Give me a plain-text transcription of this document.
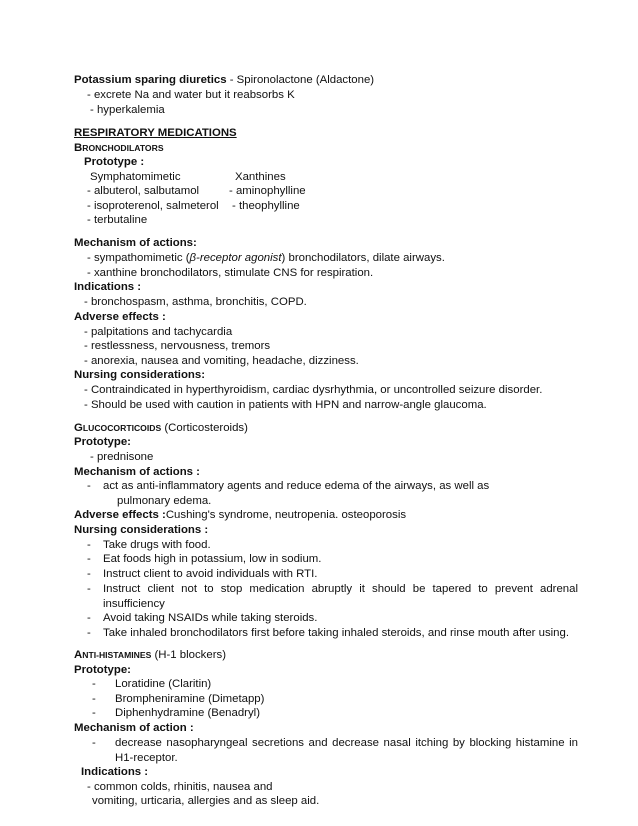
Potassium sparing diuretics - Spironolactone (Aldactone)
- excrete Na and water but it reabsorbs K
- hyperkalemia
RESPIRATORY MEDICATIONS
BRONCHODILATORS
Prototype :
Symphatomimetic	Xanthines
- albuterol, salbutamol	- aminophylline
- isoproterenol, salmeterol - theophylline
- terbutaline
Mechanism of actions:
- sympathomimetic (β-receptor agonist) bronchodilators, dilate airways.
- xanthine bronchodilators, stimulate CNS for respiration.
Indications :
- bronchospasm, asthma, bronchitis, COPD.
Adverse effects :
- palpitations and tachycardia
- restlessness, nervousness, tremors
- anorexia, nausea and vomiting, headache, dizziness.
Nursing considerations:
- Contraindicated in hyperthyroidism, cardiac dysrhythmia, or uncontrolled seizure disorder.
- Should be used with caution in patients with HPN and narrow-angle glaucoma.
GLUCOCORTICOIDS (Corticosteroids)
Prototype:
- prednisone
Mechanism of actions :
- act as anti-inflammatory agents and reduce edema of the airways, as well as
pulmonary edema.
Adverse effects :Cushing's syndrome, neutropenia. osteoporosis
Nursing considerations :
- Take drugs with food.
- Eat foods high in potassium, low in sodium.
- Instruct client to avoid individuals with RTI.
- Instruct client not to stop medication abruptly it should be tapered to prevent adrenal
insufficiency
- Avoid taking NSAIDs while taking steroids.
- Take inhaled bronchodilators first before taking inhaled steroids, and rinse mouth after using.
ANTI-HISTAMINES (H-1 blockers)
Prototype:
- Loratidine (Claritin)
- Brompheniramine (Dimetapp)
- Diphenhydramine (Benadryl)
Mechanism of action :
- decrease nasopharyngeal secretions and decrease nasal itching by blocking histamine in
H1-receptor.
Indications :
- common colds, rhinitis, nausea and
vomiting, urticaria, allergies and as sleep aid.
